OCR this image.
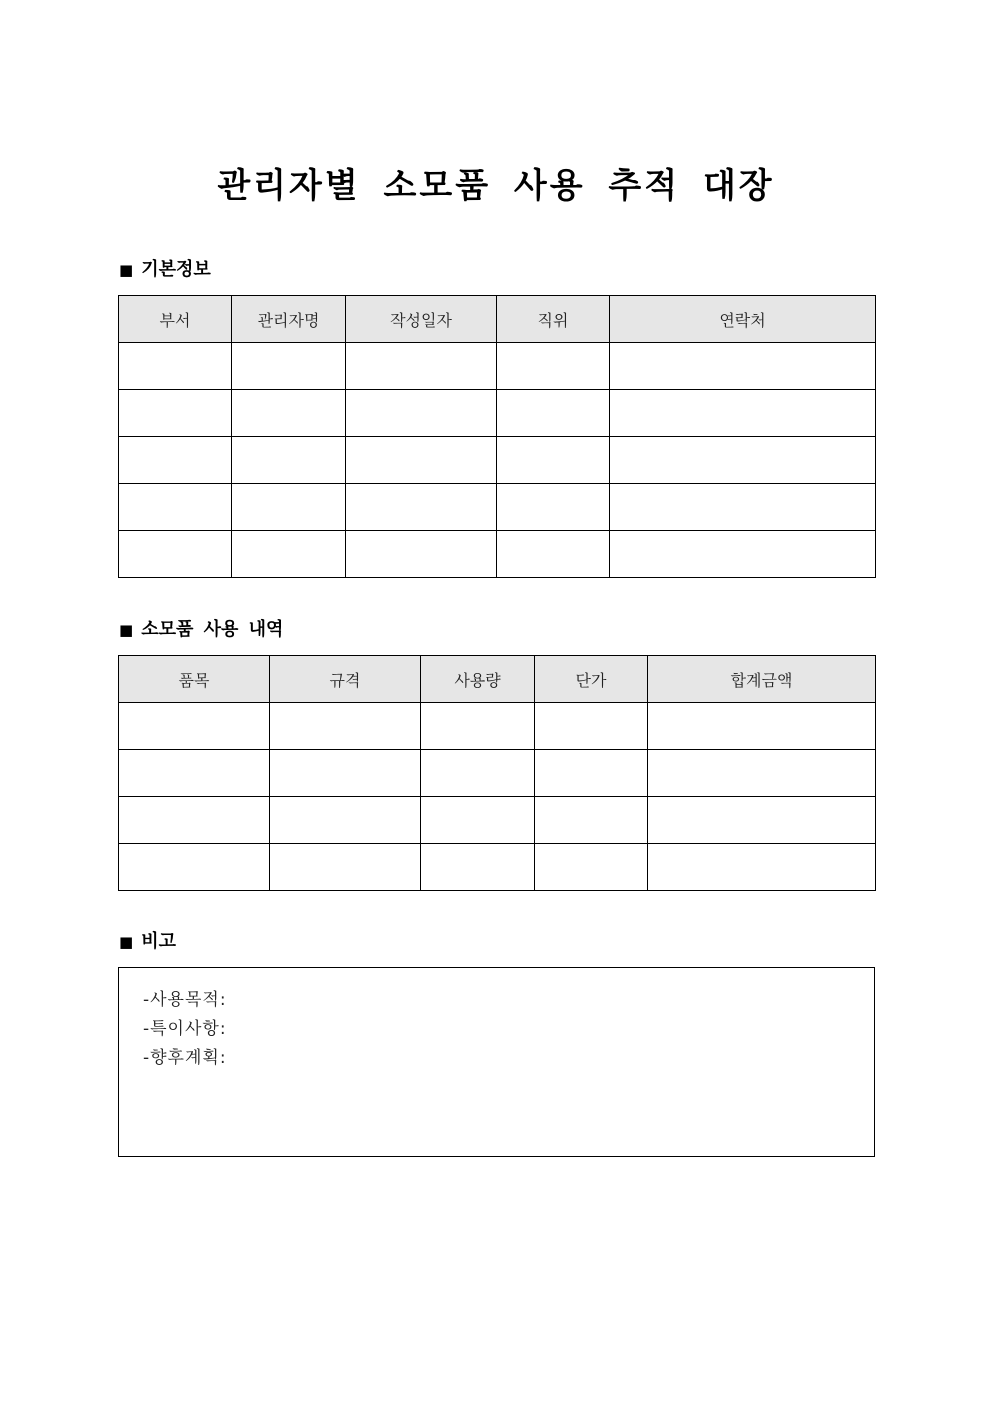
관리자별 소모품 사용 추적 대장
■ 기본정보
부서	관리자명	작성일자	직위	연락처

■ 소모품 사용 내역
품목	규격	사용량	단가	합계금액

■ 비고
-사용목적:
-특이사항:
-향후계획:
